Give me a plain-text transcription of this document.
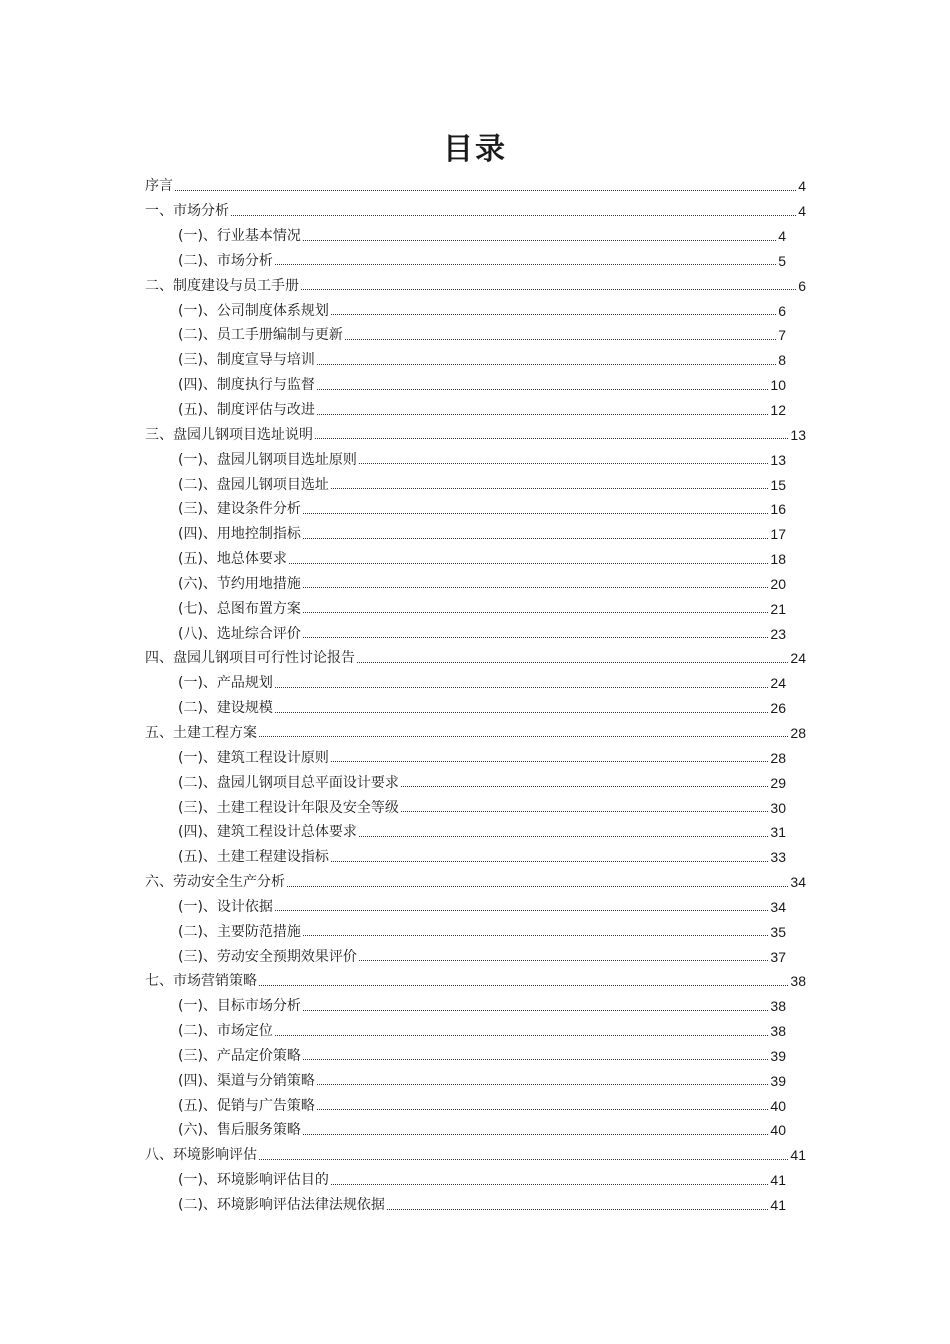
目录
序言	4
一、市场分析	4
(一)、行业基本情况	4
(二)、市场分析	5
二、制度建设与员工手册	6
(一)、公司制度体系规划	6
(二)、员工手册编制与更新	7
(三)、制度宣导与培训	8
(四)、制度执行与监督	10
(五)、制度评估与改进	12
三、盘园儿钢项目选址说明	13
(一)、盘园儿钢项目选址原则	13
(二)、盘园儿钢项目选址	15
(三)、建设条件分析	16
(四)、用地控制指标	17
(五)、地总体要求	18
(六)、节约用地措施	20
(七)、总图布置方案	21
(八)、选址综合评价	23
四、盘园儿钢项目可行性讨论报告	24
(一)、产品规划	24
(二)、建设规模	26
五、土建工程方案	28
(一)、建筑工程设计原则	28
(二)、盘园儿钢项目总平面设计要求	29
(三)、土建工程设计年限及安全等级	30
(四)、建筑工程设计总体要求	31
(五)、土建工程建设指标	33
六、劳动安全生产分析	34
(一)、设计依据	34
(二)、主要防范措施	35
(三)、劳动安全预期效果评价	37
七、市场营销策略	38
(一)、目标市场分析	38
(二)、市场定位	38
(三)、产品定价策略	39
(四)、渠道与分销策略	39
(五)、促销与广告策略	40
(六)、售后服务策略	40
八、环境影响评估	41
(一)、环境影响评估目的	41
(二)、环境影响评估法律法规依据	41
